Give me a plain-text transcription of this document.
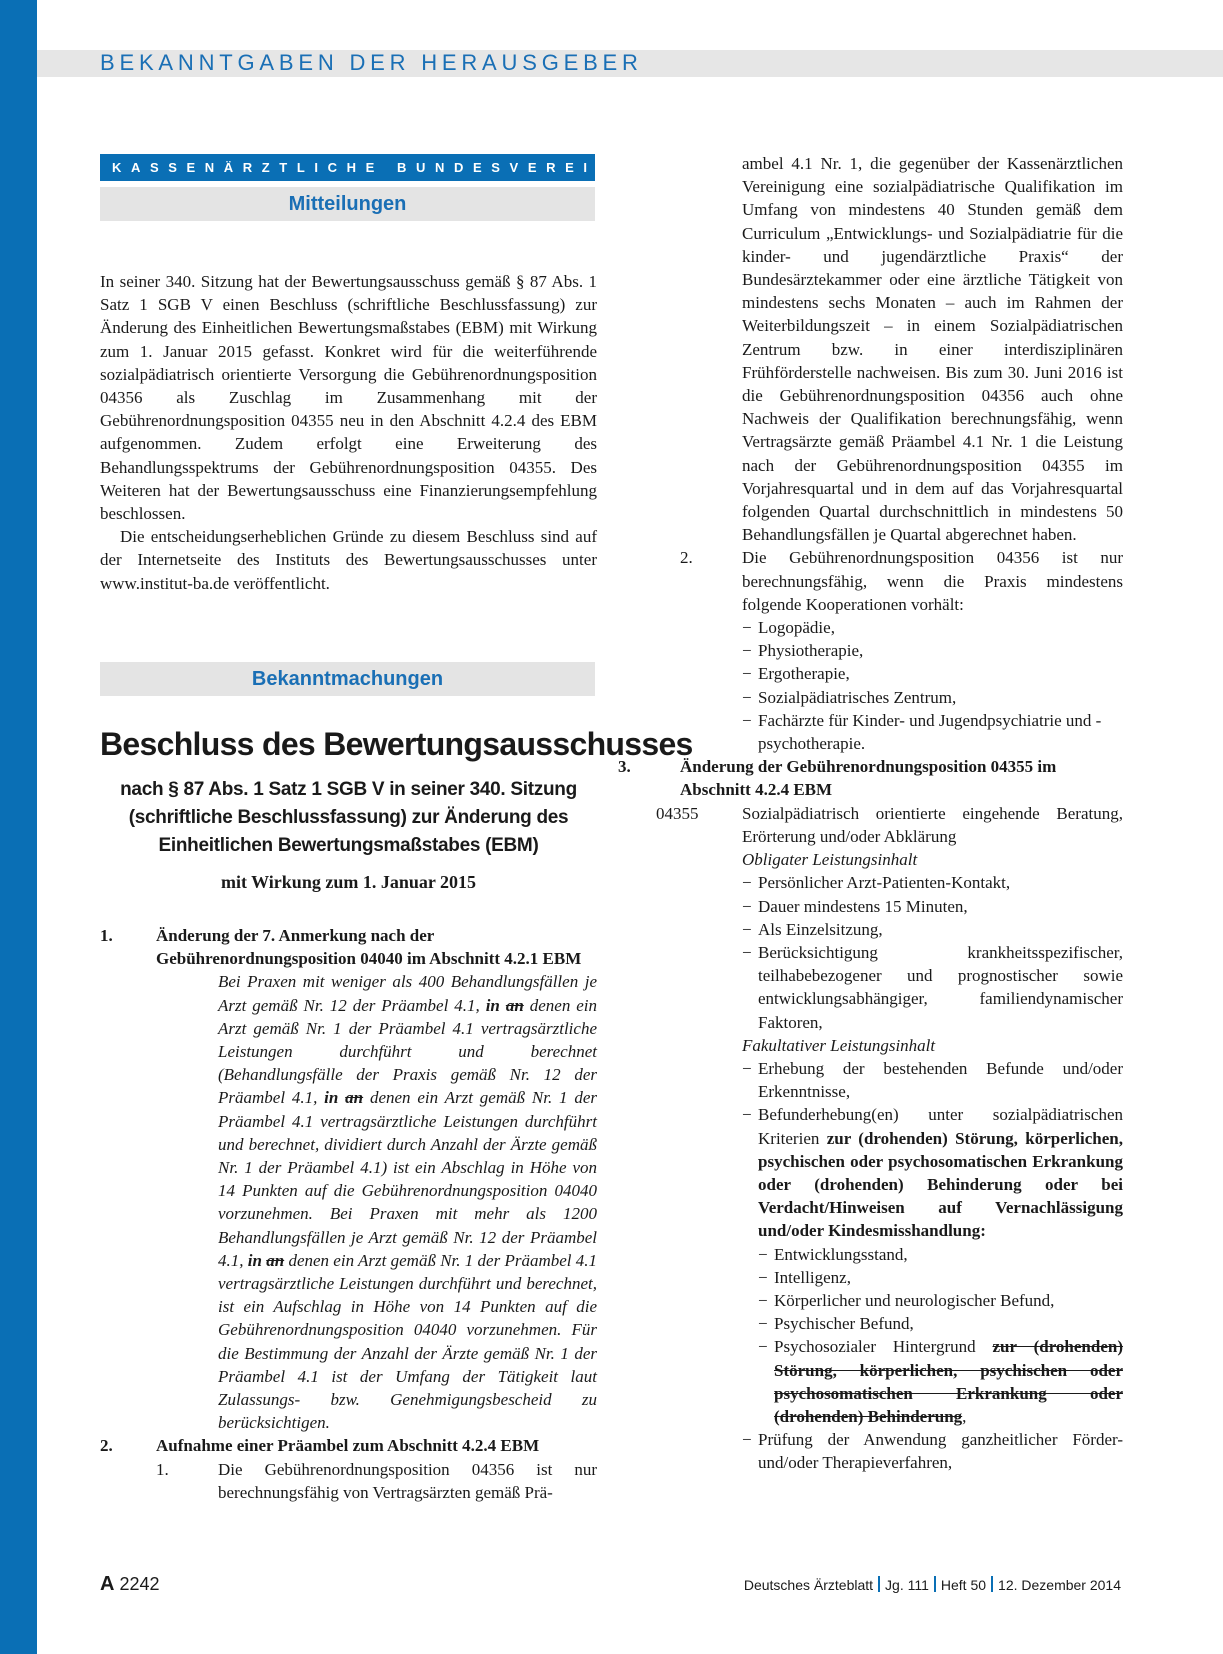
BEKANNTGABEN DER HERAUSGEBER
KASSENÄRZTLICHE BUNDESVEREINIGUNG
Mitteilungen

In seiner 340. Sitzung hat der Bewertungsausschuss gemäß § 87 Abs. 1 Satz 1 SGB V einen Beschluss (schriftliche Beschlussfassung) zur Änderung des Einheitlichen Bewertungsmaßstabes (EBM) mit Wirkung zum 1. Januar 2015 gefasst. Konkret wird für die weiterführende sozialpädiatrisch orientierte Versorgung die Gebührenordnungsposition 04356 als Zuschlag im Zusammenhang mit der Gebührenordnungsposition 04355 neu in den Abschnitt 4.2.4 des EBM aufgenommen. Zudem erfolgt eine Erweiterung des Behandlungsspektrums der Gebührenordnungsposition 04355. Des Weiteren hat der Bewertungsausschuss eine Finanzierungsempfehlung beschlossen.

Die entscheidungserheblichen Gründe zu diesem Beschluss sind auf der Internetseite des Instituts des Bewertungsausschusses unter www.institut-ba.de veröffentlicht.

Bekanntmachungen
Beschluss des Bewertungsausschusses
nach § 87 Abs. 1 Satz 1 SGB V in seiner 340. Sitzung (schriftliche Beschlussfassung) zur Änderung des Einheitlichen Bewertungsmaßstabes (EBM)
mit Wirkung zum 1. Januar 2015
1.	Änderung der 7. Anmerkung nach der Gebührenordnungsposition 04040 im Abschnitt 4.2.1 EBM

Bei Praxen mit weniger als 400 Behandlungsfällen je Arzt gemäß Nr. 12 der Präambel 4.1, in an denen ein Arzt gemäß Nr. 1 der Präambel 4.1 vertragsärztliche Leistungen durchführt und berechnet (Behandlungsfälle der Praxis gemäß Nr. 12 der Präambel 4.1, in an denen ein Arzt gemäß Nr. 1 der Präambel 4.1 vertragsärztliche Leistungen durchführt und berechnet, dividiert durch Anzahl der Ärzte gemäß Nr. 1 der Präambel 4.1) ist ein Abschlag in Höhe von 14 Punkten auf die Gebührenordnungsposition 04040 vorzunehmen. Bei Praxen mit mehr als 1200 Behandlungsfällen je Arzt gemäß Nr. 12 der Präambel 4.1, in an denen ein Arzt gemäß Nr. 1 der Präambel 4.1 vertragsärztliche Leistungen durchführt und berechnet, ist ein Aufschlag in Höhe von 14 Punkten auf die Gebührenordnungsposition 04040 vorzunehmen. Für die Bestimmung der Anzahl der Ärzte gemäß Nr. 1 der Präambel 4.1 ist der Umfang der Tätigkeit laut Zulassungs- bzw. Genehmigungsbescheid zu berücksichtigen.

2.	Aufnahme einer Präambel zum Abschnitt 4.2.4 EBM

1.	Die Gebührenordnungsposition 04356 ist nur berechnungsfähig von Vertragsärzten gemäß Prä-

ambel 4.1 Nr. 1, die gegenüber der Kassenärztlichen Vereinigung eine sozialpädiatrische Qualifikation im Umfang von mindestens 40 Stunden gemäß dem Curriculum „Entwicklungs- und Sozialpädiatrie für die kinder- und jugendärztliche Praxis“ der Bundesärztekammer oder eine ärztliche Tätigkeit von mindestens sechs Monaten – auch im Rahmen der Weiterbildungszeit – in einem Sozialpädiatrischen Zentrum bzw. in einer interdisziplinären Frühförderstelle nachweisen. Bis zum 30. Juni 2016 ist die Gebührenordnungsposition 04356 auch ohne Nachweis der Qualifikation berechnungsfähig, wenn Vertragsärzte gemäß Präambel 4.1 Nr. 1 die Leistung nach der Gebührenordnungsposition 04355 im Vorjahresquartal und in dem auf das Vorjahresquartal folgenden Quartal durchschnittlich in mindestens 50 Behandlungsfällen je Quartal abgerechnet haben.

2.	Die Gebührenordnungsposition 04356 ist nur berechnungsfähig, wenn die Praxis mindestens folgende Kooperationen vorhält:

− Logopädie,
− Physiotherapie,
− Ergotherapie,
− Sozialpädiatrisches Zentrum,
− Fachärzte für Kinder- und Jugendpsychiatrie und -psychotherapie.
3.	Änderung der Gebührenordnungsposition 04355 im Abschnitt 4.2.4 EBM

04355	Sozialpädiatrisch orientierte eingehende Beratung, Erörterung und/oder Abklärung

Obligater Leistungsinhalt

− Persönlicher Arzt-Patienten-Kontakt,
− Dauer mindestens 15 Minuten,
− Als Einzelsitzung,
− Berücksichtigung krankheitsspezifischer, teilhabebezogener und prognostischer sowie entwicklungsabhängiger, familiendynamischer Faktoren,

Fakultativer Leistungsinhalt

− Erhebung der bestehenden Befunde und/oder Erkenntnisse,
− Befunderhebung(en) unter sozialpädiatrischen Kriterien zur (drohenden) Störung, körperlichen, psychischen oder psychosomatischen Erkrankung oder (drohenden) Behinderung oder bei Verdacht/Hinweisen auf Vernachlässigung und/oder Kindesmisshandlung:
− Entwicklungsstand,
− Intelligenz,
− Körperlicher und neurologischer Befund,
− Psychischer Befund,
− Psychosozialer Hintergrund zur (drohenden) Störung, körperlichen, psychischen oder psychosomatischen Erkrankung oder (drohenden) Behinderung,
− Prüfung der Anwendung ganzheitlicher Förder- und/oder Therapieverfahren,
A 2242	Deutsches Ärzteblatt Jg. 111 Heft 50 12. Dezember 2014
